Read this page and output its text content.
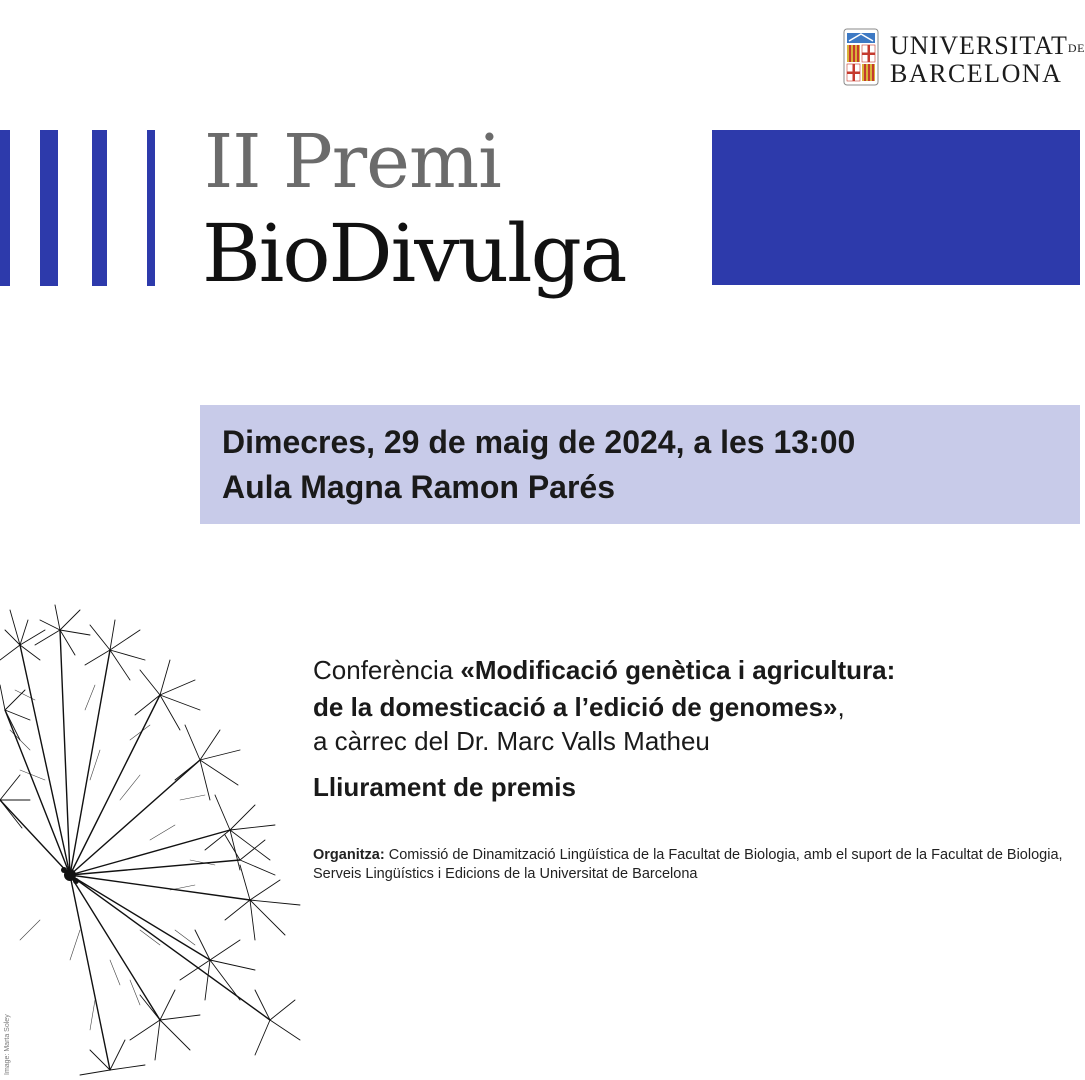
UNIVERSITATDE
BARCELONA
II Premi
BioDivulga
Dimecres, 29 de maig de 2024, a les 13:00
Aula Magna Ramon Parés
Image: Marta Soley
Conferència «Modificació genètica i agricultura:
de la domesticació a l’edició de genomes»,
a càrrec del Dr. Marc Valls Matheu
Lliurament de premis
Organitza: Comissió de Dinamització Lingüística de la Facultat de Biologia, amb el suport de la Facultat de Biologia, Serveis Lingüístics i Edicions de la Universitat de Barcelona
